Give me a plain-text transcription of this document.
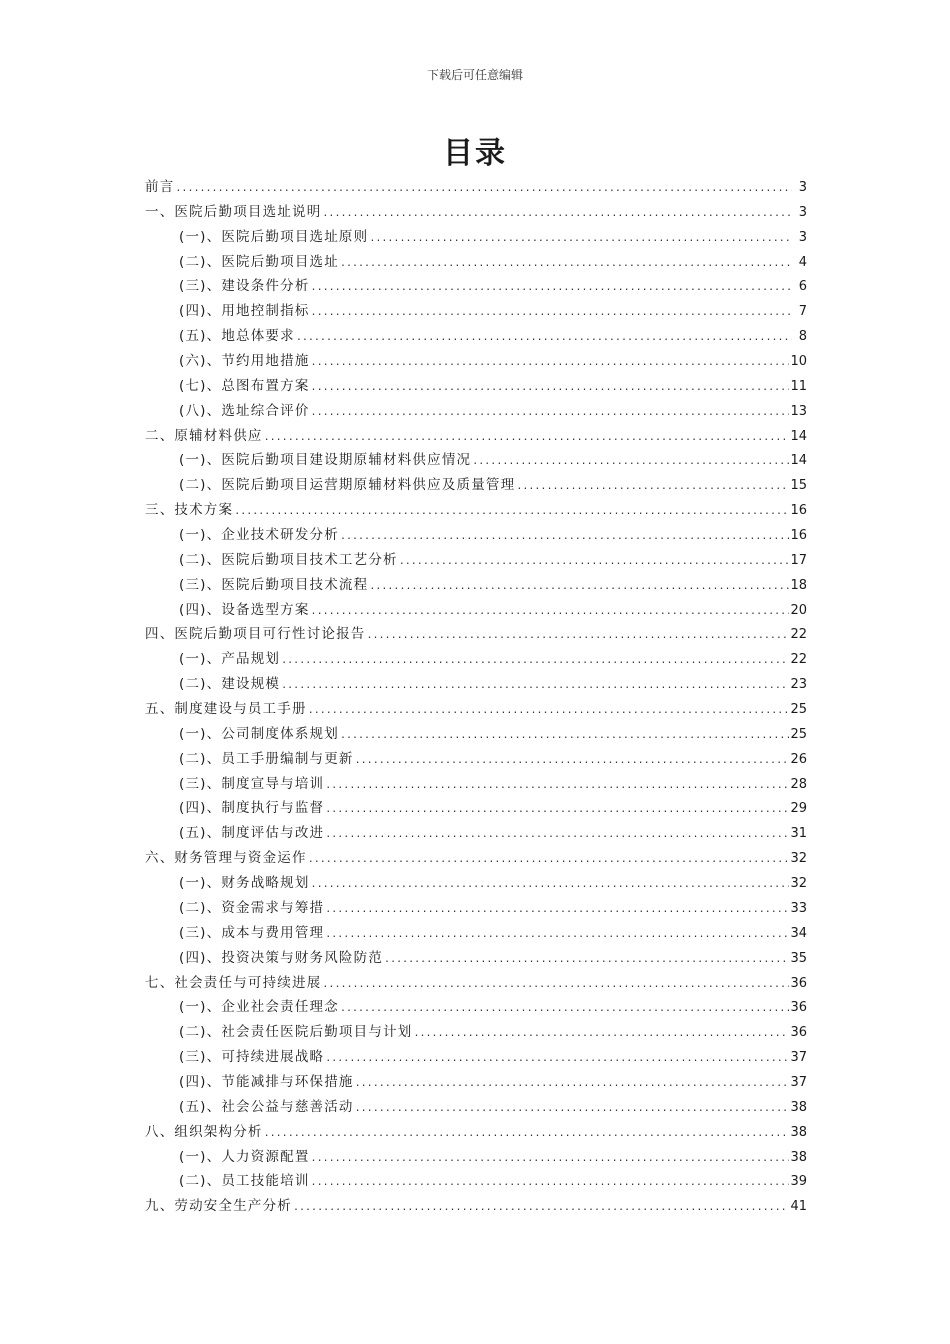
下载后可任意编辑
目录
前言 .....	3
一、医院后勤项目选址说明 .....	3
(一)、医院后勤项目选址原则 .....	3
(二)、医院后勤项目选址 .....	4
(三)、建设条件分析 .....	6
(四)、用地控制指标 .....	7
(五)、地总体要求 .....	8
(六)、节约用地措施 .....	10
(七)、总图布置方案 .....	11
(八)、选址综合评价 .....	13
二、原辅材料供应 .....	14
(一)、医院后勤项目建设期原辅材料供应情况 .....	14
(二)、医院后勤项目运营期原辅材料供应及质量管理 .....	15
三、技术方案 .....	16
(一)、企业技术研发分析 .....	16
(二)、医院后勤项目技术工艺分析 .....	17
(三)、医院后勤项目技术流程 .....	18
(四)、设备选型方案 .....	20
四、医院后勤项目可行性讨论报告 .....	22
(一)、产品规划 .....	22
(二)、建设规模 .....	23
五、制度建设与员工手册 .....	25
(一)、公司制度体系规划 .....	25
(二)、员工手册编制与更新 .....	26
(三)、制度宣导与培训 .....	28
(四)、制度执行与监督 .....	29
(五)、制度评估与改进 .....	31
六、财务管理与资金运作 .....	32
(一)、财务战略规划 .....	32
(二)、资金需求与筹措 .....	33
(三)、成本与费用管理 .....	34
(四)、投资决策与财务风险防范 .....	35
七、社会责任与可持续进展 .....	36
(一)、企业社会责任理念 .....	36
(二)、社会责任医院后勤项目与计划 .....	36
(三)、可持续进展战略 .....	37
(四)、节能减排与环保措施 .....	37
(五)、社会公益与慈善活动 .....	38
八、组织架构分析 .....	38
(一)、人力资源配置 .....	38
(二)、员工技能培训 .....	39
九、劳动安全生产分析 .....	41
